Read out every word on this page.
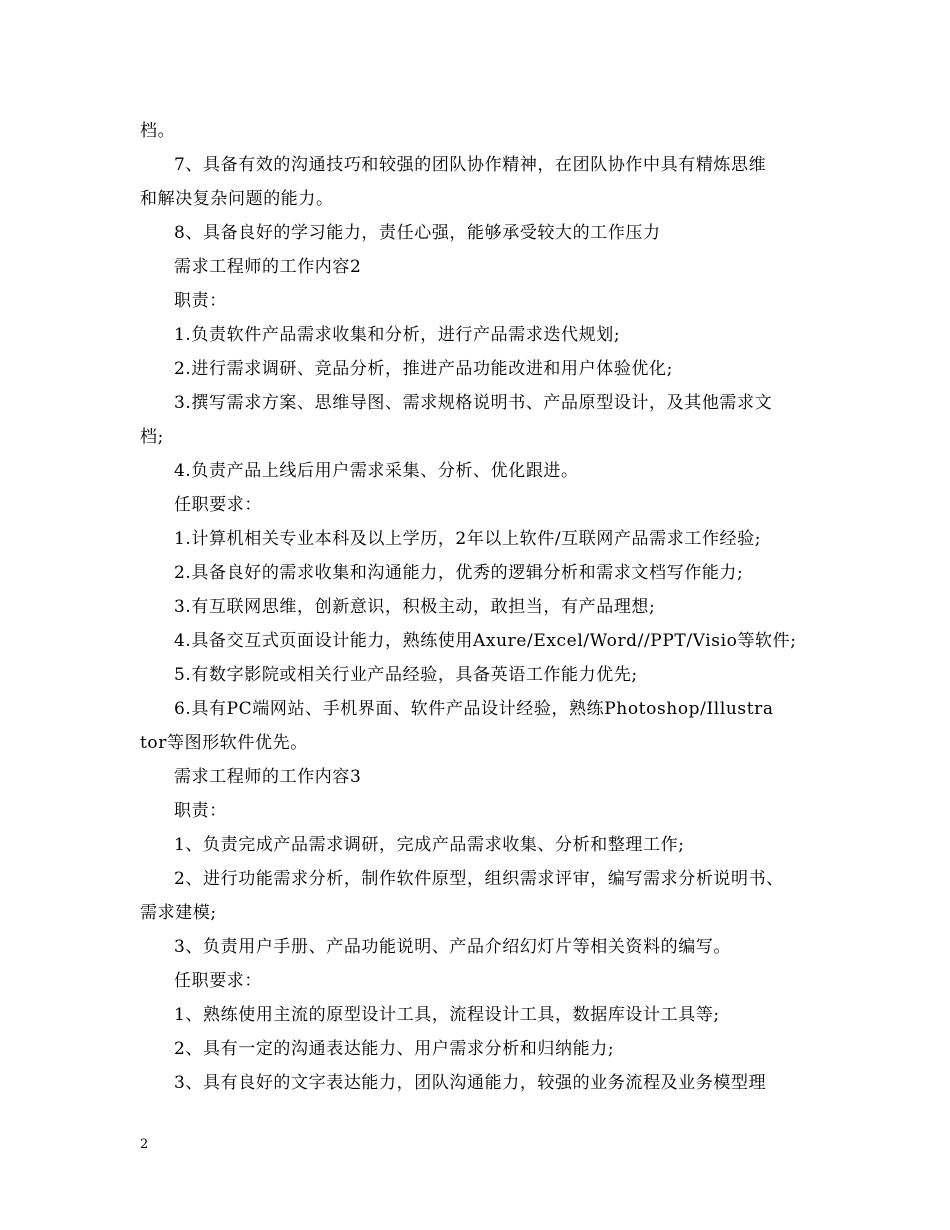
档。
7、具备有效的沟通技巧和较强的团队协作精神，在团队协作中具有精炼思维
和解决复杂问题的能力。
8、具备良好的学习能力，责任心强，能够承受较大的工作压力
需求工程师的工作内容2
职责：
1.负责软件产品需求收集和分析，进行产品需求迭代规划;
2.进行需求调研、竞品分析，推进产品功能改进和用户体验优化;
3.撰写需求方案、思维导图、需求规格说明书、产品原型设计，及其他需求文
档;
4.负责产品上线后用户需求采集、分析、优化跟进。
任职要求：
1.计算机相关专业本科及以上学历，2年以上软件/互联网产品需求工作经验;
2.具备良好的需求收集和沟通能力，优秀的逻辑分析和需求文档写作能力;
3.有互联网思维，创新意识，积极主动，敢担当，有产品理想;
4.具备交互式页面设计能力，熟练使用Axure/Excel/Word//PPT/Visio等软件;
5.有数字影院或相关行业产品经验，具备英语工作能力优先;
6.具有PC端网站、手机界面、软件产品设计经验，熟练Photoshop/Illustra
tor等图形软件优先。
需求工程师的工作内容3
职责：
1、负责完成产品需求调研，完成产品需求收集、分析和整理工作;
2、进行功能需求分析，制作软件原型，组织需求评审，编写需求分析说明书、
需求建模;
3、负责用户手册、产品功能说明、产品介绍幻灯片等相关资料的编写。
任职要求：
1、熟练使用主流的原型设计工具，流程设计工具，数据库设计工具等;
2、具有一定的沟通表达能力、用户需求分析和归纳能力;
3、具有良好的文字表达能力，团队沟通能力，较强的业务流程及业务模型理
2
